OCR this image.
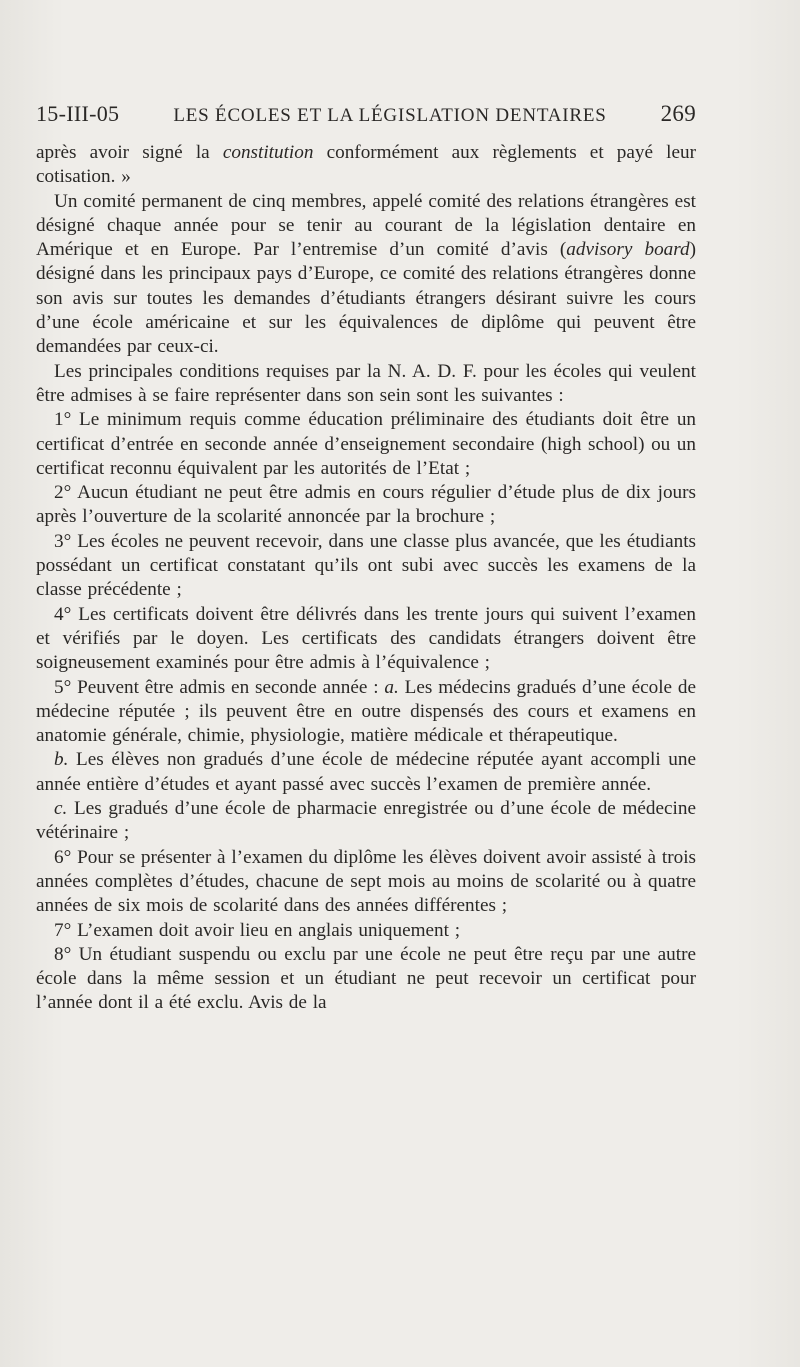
15-III-05	LES ÉCOLES ET LA LÉGISLATION DENTAIRES 269

après avoir signé la constitution conformément aux règlements et payé leur cotisation. »

Un comité permanent de cinq membres, appelé comité des relations étrangères est désigné chaque année pour se tenir au courant de la législation dentaire en Amérique et en Europe. Par l’entremise d’un comité d’avis (advisory board) désigné dans les principaux pays d’Europe, ce comité des relations étrangères donne son avis sur toutes les demandes d’étudiants étrangers désirant suivre les cours d’une école américaine et sur les équivalences de diplôme qui peuvent être demandées par ceux-ci.

Les principales conditions requises par la N. A. D. F. pour les écoles qui veulent être admises à se faire représenter dans son sein sont les suivantes :

1° Le minimum requis comme éducation préliminaire des étudiants doit être un certificat d’entrée en seconde année d’enseignement secondaire (high school) ou un certificat reconnu équivalent par les autorités de l’Etat ;

2° Aucun étudiant ne peut être admis en cours régulier d’étude plus de dix jours après l’ouverture de la scolarité annoncée par la brochure ;

3° Les écoles ne peuvent recevoir, dans une classe plus avancée, que les étudiants possédant un certificat constatant qu’ils ont subi avec succès les examens de la classe précédente ;

4° Les certificats doivent être délivrés dans les trente jours qui suivent l’examen et vérifiés par le doyen. Les certificats des candidats étrangers doivent être soigneusement examinés pour être admis à l’équivalence ;

5° Peuvent être admis en seconde année : a. Les médecins gradués d’une école de médecine réputée ; ils peuvent être en outre dispensés des cours et examens en anatomie générale, chimie, physiologie, matière médicale et thérapeutique.

b. Les élèves non gradués d’une école de médecine réputée ayant accompli une année entière d’études et ayant passé avec succès l’examen de première année.

c. Les gradués d’une école de pharmacie enregistrée ou d’une école de médecine vétérinaire ;

6° Pour se présenter à l’examen du diplôme les élèves doivent avoir assisté à trois années complètes d’études, chacune de sept mois au moins de scolarité ou à quatre années de six mois de scolarité dans des années différentes ;

7° L’examen doit avoir lieu en anglais uniquement ;

8° Un étudiant suspendu ou exclu par une école ne peut être reçu par une autre école dans la même session et un étudiant ne peut recevoir un certificat pour l’année dont il a été exclu. Avis de la
